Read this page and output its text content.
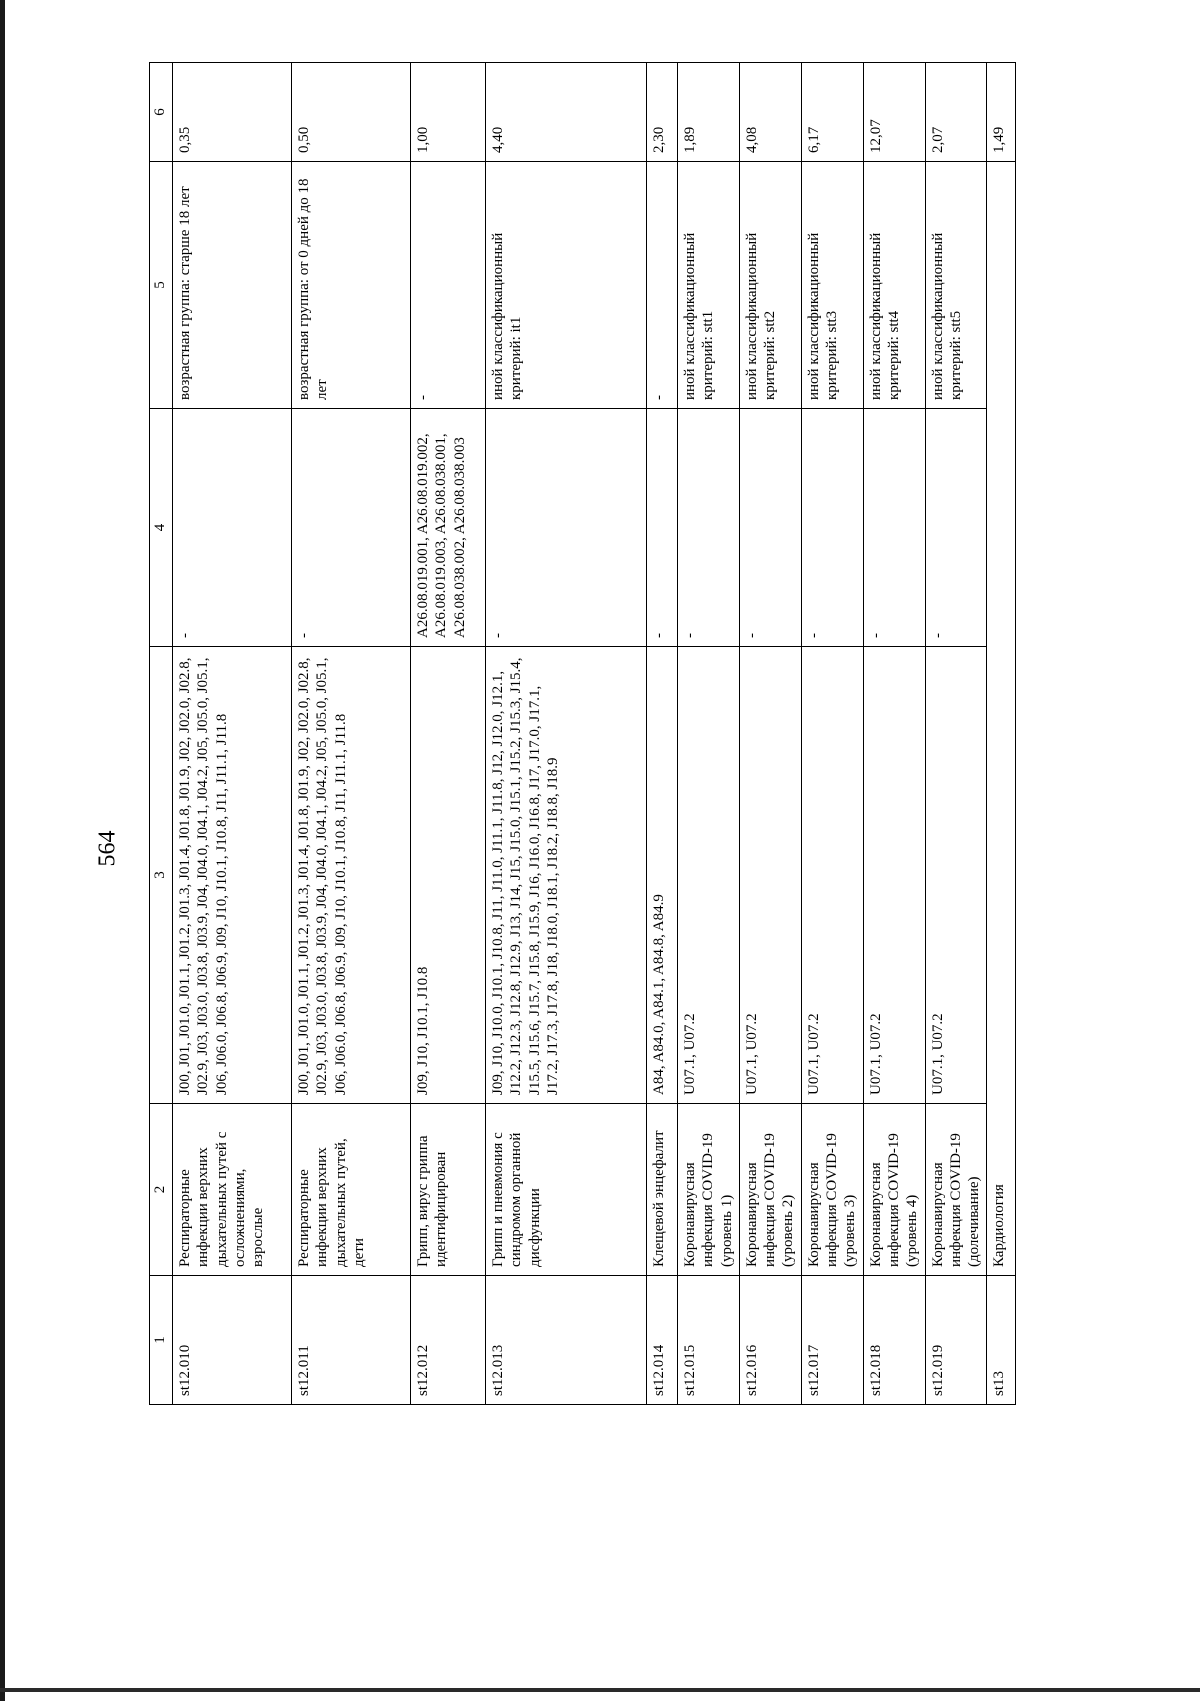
564
1	2	3	4	5	6
st12.010	Респираторные инфекции верхних дыхательных путей с осложнениями, взрослые	J00, J01, J01.0, J01.1, J01.2, J01.3, J01.4, J01.8, J01.9, J02, J02.0, J02.8, J02.9, J03, J03.0, J03.8, J03.9, J04, J04.0, J04.1, J04.2, J05, J05.0, J05.1, J06, J06.0, J06.8, J06.9, J09, J10, J10.1, J10.8, J11, J11.1, J11.8	-	возрастная группа: старше 18 лет	0,35
st12.011	Респираторные инфекции верхних дыхательных путей, дети	J00, J01, J01.0, J01.1, J01.2, J01.3, J01.4, J01.8, J01.9, J02, J02.0, J02.8, J02.9, J03, J03.0, J03.8, J03.9, J04, J04.0, J04.1, J04.2, J05, J05.0, J05.1, J06, J06.0, J06.8, J06.9, J09, J10, J10.1, J10.8, J11, J11.1, J11.8	-	возрастная группа: от 0 дней до 18 лет	0,50
st12.012	Грипп, вирус гриппа идентифицирован	J09, J10, J10.1, J10.8	A26.08.019.001, A26.08.019.002, A26.08.019.003, A26.08.038.001, A26.08.038.002, A26.08.038.003	-	1,00
st12.013	Грипп и пневмония с синдромом органной дисфункции	J09, J10, J10.0, J10.1, J10.8, J11, J11.0, J11.1, J11.8, J12, J12.0, J12.1, J12.2, J12.3, J12.8, J12.9, J13, J14, J15, J15.0, J15.1, J15.2, J15.3, J15.4, J15.5, J15.6, J15.7, J15.8, J15.9, J16, J16.0, J16.8, J17, J17.0, J17.1, J17.2, J17.3, J17.8, J18, J18.0, J18.1, J18.2, J18.8, J18.9	-	иной классификационный критерий: it1	4,40
st12.014	Клещевой энцефалит	A84, A84.0, A84.1, A84.8, A84.9	-	-	2,30
st12.015	Коронавирусная инфекция COVID-19 (уровень 1)	U07.1, U07.2	-	иной классификационный критерий: stt1	1,89
st12.016	Коронавирусная инфекция COVID-19 (уровень 2)	U07.1, U07.2	-	иной классификационный критерий: stt2	4,08
st12.017	Коронавирусная инфекция COVID-19 (уровень 3)	U07.1, U07.2	-	иной классификационный критерий: stt3	6,17
st12.018	Коронавирусная инфекция COVID-19 (уровень 4)	U07.1, U07.2	-	иной классификационный критерий: stt4	12,07
st12.019	Коронавирусная инфекция COVID-19 (долечивание)	U07.1, U07.2	-	иной классификационный критерий: stt5	2,07
st13	Кардиология				1,49
